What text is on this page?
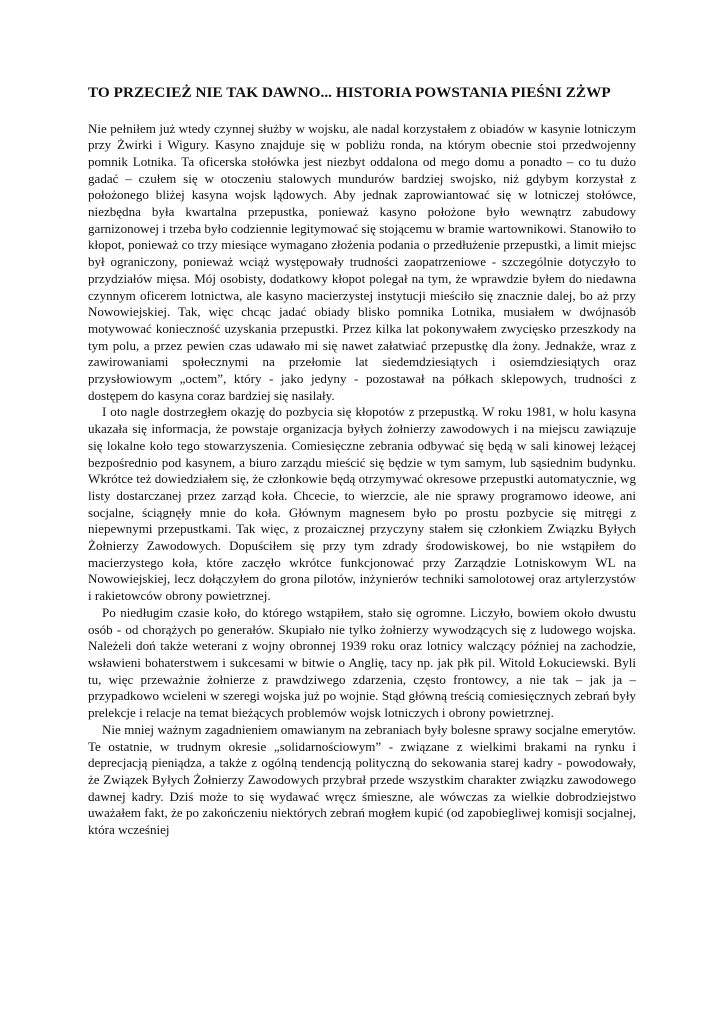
TO PRZECIEŻ NIE TAK DAWNO... HISTORIA POWSTANIA PIEŚNI ZŻWP

Nie pełniłem już wtedy czynnej służby w wojsku, ale nadal korzystałem z obiadów w kasynie lotniczym przy Żwirki i Wigury. Kasyno znajduje się w pobliżu ronda, na którym obecnie stoi przedwojenny pomnik Lotnika. Ta oficerska stołówka jest niezbyt oddalona od mego domu a ponadto – co tu dużo gadać – czułem się w otoczeniu stalowych mundurów bardziej swojsko, niż gdybym korzystał z położonego bliżej kasyna wojsk lądowych. Aby jednak zaprowiantować się w lotniczej stołówce, niezbędna była kwartalna przepustka, ponieważ kasyno położone było wewnątrz zabudowy garnizonowej i trzeba było codziennie legitymować się stojącemu w bramie wartownikowi. Stanowiło to kłopot, ponieważ co trzy miesiące wymagano złożenia podania o przedłużenie przepustki, a limit miejsc był ograniczony, ponieważ wciąż występowały trudności zaopatrzeniowe - szczególnie dotyczyło to przydziałów mięsa. Mój osobisty, dodatkowy kłopot polegał na tym, że wprawdzie byłem do niedawna czynnym oficerem lotnictwa, ale kasyno macierzystej instytucji mieściło się znacznie dalej, bo aż przy Nowowiejskiej. Tak, więc chcąc jadać obiady blisko pomnika Lotnika, musiałem w dwójnasób motywować konieczność uzyskania przepustki. Przez kilka lat pokonywałem zwycięsko przeszkody na tym polu, a przez pewien czas udawało mi się nawet załatwiać przepustkę dla żony. Jednakże, wraz z zawirowaniami społecznymi na przełomie lat siedemdziesiątych i osiemdziesiątych oraz przysłowiowym „octem”, który - jako jedyny - pozostawał na półkach sklepowych, trudności z dostępem do kasyna coraz bardziej się nasilały.

I oto nagle dostrzegłem okazję do pozbycia się kłopotów z przepustką. W roku 1981, w holu kasyna ukazała się informacja, że powstaje organizacja byłych żołnierzy zawodowych i na miejscu zawiązuje się lokalne koło tego stowarzyszenia. Comiesięczne zebrania odbywać się będą w sali kinowej leżącej bezpośrednio pod kasynem, a biuro zarządu mieścić się będzie w tym samym, lub sąsiednim budynku. Wkrótce też dowiedziałem się, że członkowie będą otrzymywać okresowe przepustki automatycznie, wg listy dostarczanej przez zarząd koła. Chcecie, to wierzcie, ale nie sprawy programowo ideowe, ani socjalne, ściągnęły mnie do koła. Głównym magnesem było po prostu pozbycie się mitręgi z niepewnymi przepustkami. Tak więc, z prozaicznej przyczyny stałem się członkiem Związku Byłych Żołnierzy Zawodowych. Dopuściłem się przy tym zdrady środowiskowej, bo nie wstąpiłem do macierzystego koła, które zaczęło wkrótce funkcjonować przy Zarządzie Lotniskowym WL na Nowowiejskiej, lecz dołączyłem do grona pilotów, inżynierów techniki samolotowej oraz artylerzystów i rakietowców obrony powietrznej.

Po niedługim czasie koło, do którego wstąpiłem, stało się ogromne. Liczyło, bowiem około dwustu osób - od chorążych po generałów. Skupiało nie tylko żołnierzy wywodzących się z ludowego wojska. Należeli doń także weterani z wojny obronnej 1939 roku oraz lotnicy walczący później na zachodzie, wsławieni bohaterstwem i sukcesami w bitwie o Anglię, tacy np. jak płk pil. Witold Łokuciewski. Byli tu, więc przeważnie żołnierze z prawdziwego zdarzenia, często frontowcy, a nie tak – jak ja – przypadkowo wcieleni w szeregi wojska już po wojnie. Stąd główną treścią comiesięcznych zebrań były prelekcje i relacje na temat bieżących problemów wojsk lotniczych i obrony powietrznej.

Nie mniej ważnym zagadnieniem omawianym na zebraniach były bolesne sprawy socjalne emerytów. Te ostatnie, w trudnym okresie „solidarnościowym” - związane z wielkimi brakami na rynku i deprecjacją pieniądza, a także z ogólną tendencją polityczną do sekowania starej kadry - powodowały, że Związek Byłych Żołnierzy Zawodowych przybrał przede wszystkim charakter związku zawodowego dawnej kadry. Dziś może to się wydawać wręcz śmieszne, ale wówczas za wielkie dobrodziejstwo uważałem fakt, że po zakończeniu niektórych zebrań mogłem kupić (od zapobiegliwej komisji socjalnej, która wcześniej
